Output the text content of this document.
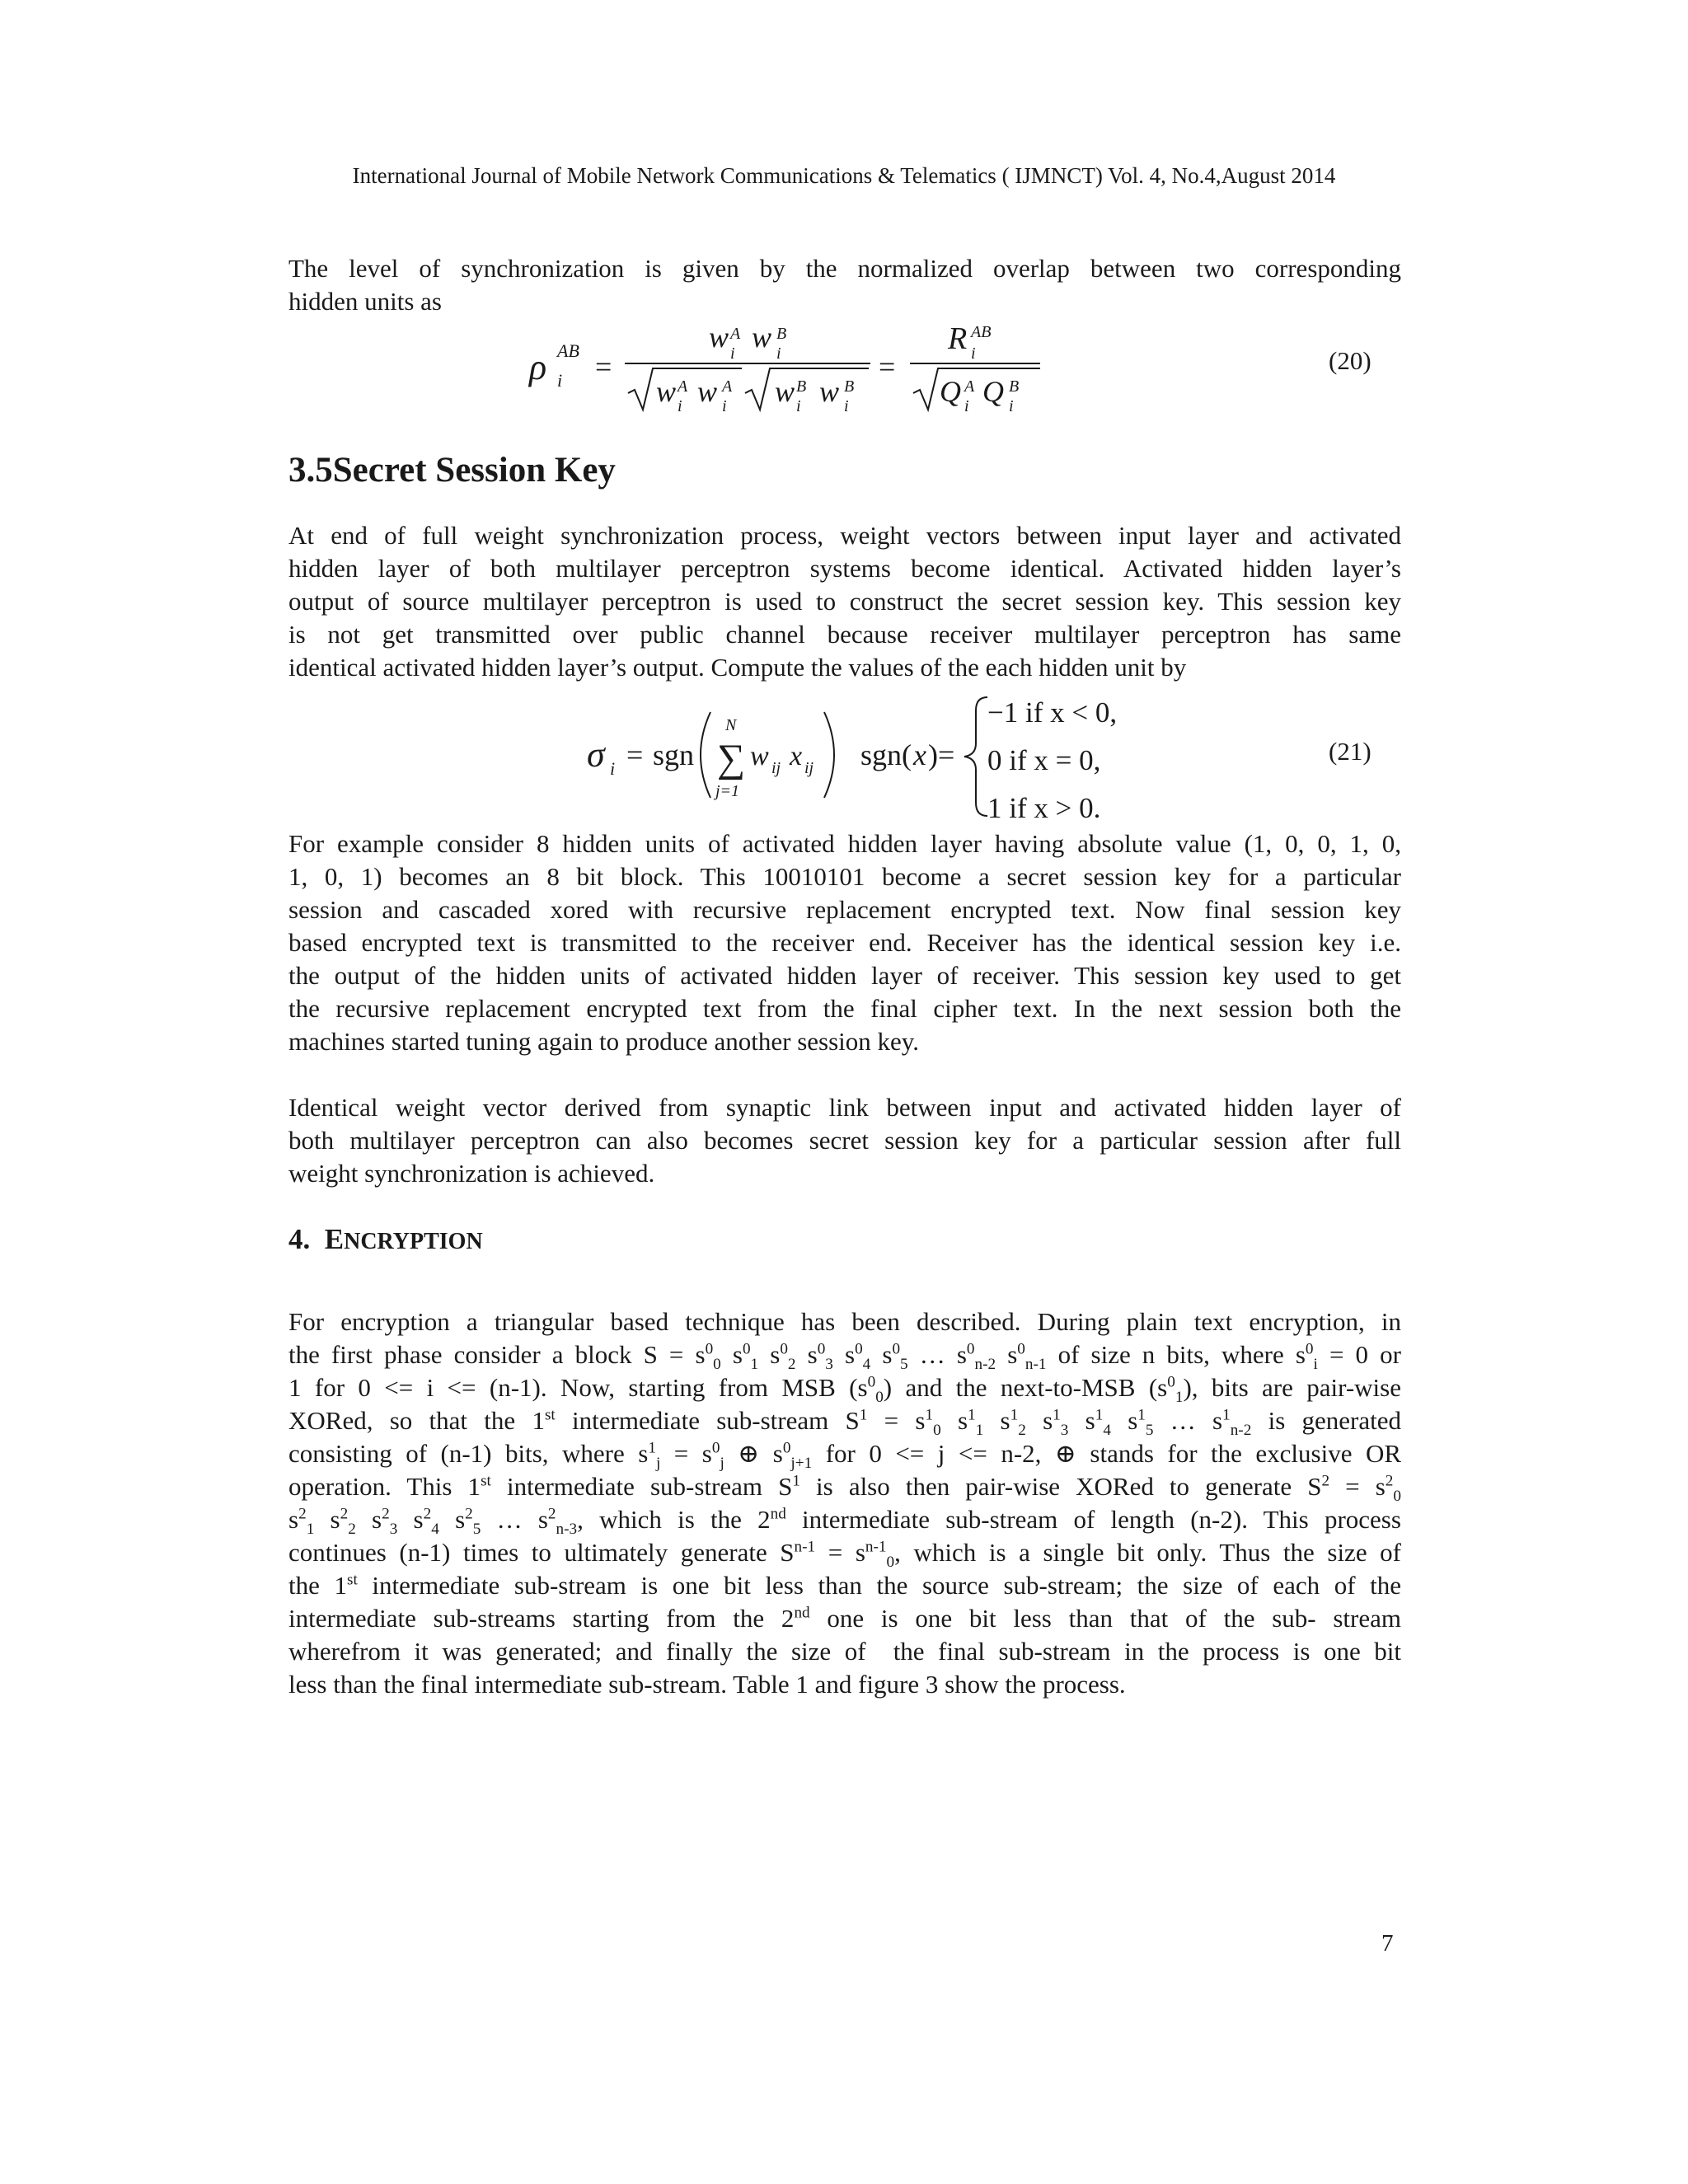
International Journal of Mobile Network Communications & Telematics ( IJMNCT) Vol. 4, No.4,August 2014
The level of synchronization is given by the normalized overlap between two corresponding
hidden units as
ρ AB
i =
w A
i w B
i
w A
i w A
i w B
i w B
i
=
R AB
i
Q A
i Q B
i
(20)
3.5Secret Session Key
At end of full weight synchronization process, weight vectors between input layer and activated
hidden layer of both multilayer perceptron systems become identical. Activated hidden layer’s
output of source multilayer perceptron is used to construct the secret session key. This session key
is not get transmitted over public channel because receiver multilayer perceptron has same
identical activated hidden layer’s output. Compute the values of the each hidden unit by
σ i = sgn
N
∑
j=1
w ij x ij sgn( x )=
−1 if x < 0,
0 if x = 0,
1 if x > 0.
(21)
For example consider 8 hidden units of activated hidden layer having absolute value (1, 0, 0, 1, 0,
1, 0, 1) becomes an 8 bit block. This 10010101 become a secret session key for a particular
session and cascaded xored with recursive replacement encrypted text. Now final session key
based encrypted text is transmitted to the receiver end. Receiver has the identical session key i.e.
the output of the hidden units of activated hidden layer of receiver. This session key used to get
the recursive replacement encrypted text from the final cipher text. In the next session both the
machines started tuning again to produce another session key.
Identical weight vector derived from synaptic link between input and activated hidden layer of
both multilayer perceptron can also becomes secret session key for a particular session after full
weight synchronization is achieved.
4. ENCRYPTION
For encryption a triangular based technique has been described. During plain text encryption, in
the first phase consider a block $S = s^0_0$ $s^0_1$ $s^0_2$ $s^0_3$ $s^0_4$ $s^0_5$ … $s^0_{n-2}$ $s^0_{n-1}$ of size n bits, where $s^0_i = 0$ or
1 for 0 <= i <= (n-1). Now, starting from MSB $(s^0_0)$ and the next-to-MSB $(s^0_1)$, bits are pair-wise
XORed, so that the 1st intermediate sub-stream $S^1 = s^1_0$ $s^1_1$ $s^1_2$ $s^1_3$ $s^1_4$ $s^1_5$ … $s^1_{n-2}$ is generated
consisting of (n-1) bits, where $s^1_j = s^0_j$ ⊕ $s^0_{j+1}$ for 0 <= j <= n-2, ⊕ stands for the exclusive OR
operation. This 1st intermediate sub-stream $S^1$ is also then pair-wise XORed to generate $S^2 = s^2_0$
$s^2_1$ $s^2_2$ $s^2_3$ $s^2_4$ $s^2_5$ … $s^2_{n-3}$, which is the 2nd intermediate sub-stream of length (n-2). This process
continues (n-1) times to ultimately generate $S^{n-1} = s^{n-1}_0$, which is a single bit only. Thus the size of
the 1st intermediate sub-stream is one bit less than the source sub-stream; the size of each of the
intermediate sub-streams starting from the 2nd one is one bit less than that of the sub- stream
wherefrom it was generated; and finally the size of  the final sub-stream in the process is one bit
less than the final intermediate sub-stream. Table 1 and figure 3 show the process.
7
